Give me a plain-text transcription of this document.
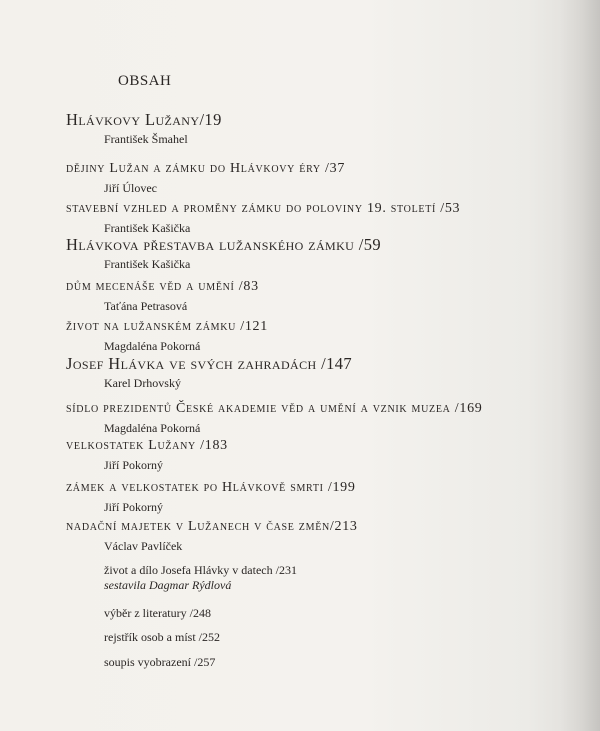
OBSAH
Hlávkovy Lužany/19
František Šmahel
dějiny Lužan a zámku do Hlávkovy éry /37
Jiří Úlovec
stavební vzhled a proměny zámku do poloviny 19. století /53
František Kašička
Hlávkova přestavba lužanského zámku /59
František Kašička
dům mecenáše věd a umění /83
Taťána Petrasová
život na lužanském zámku /121
Magdaléna Pokorná
Josef Hlávka ve svých zahradách /147
Karel Drhovský
sídlo prezidentů České akademie věd a umění a vznik muzea /169
Magdaléna Pokorná
velkostatek Lužany /183
Jiří Pokorný
zámek a velkostatek po Hlávkově smrti /199
Jiří Pokorný
nadační majetek v Lužanech v čase změn/213
Václav Pavlíček
život a dílo Josefa Hlávky v datech /231
sestavila Dagmar Rýdlová
výběr z literatury /248
rejstřík osob a míst /252
soupis vyobrazení /257
